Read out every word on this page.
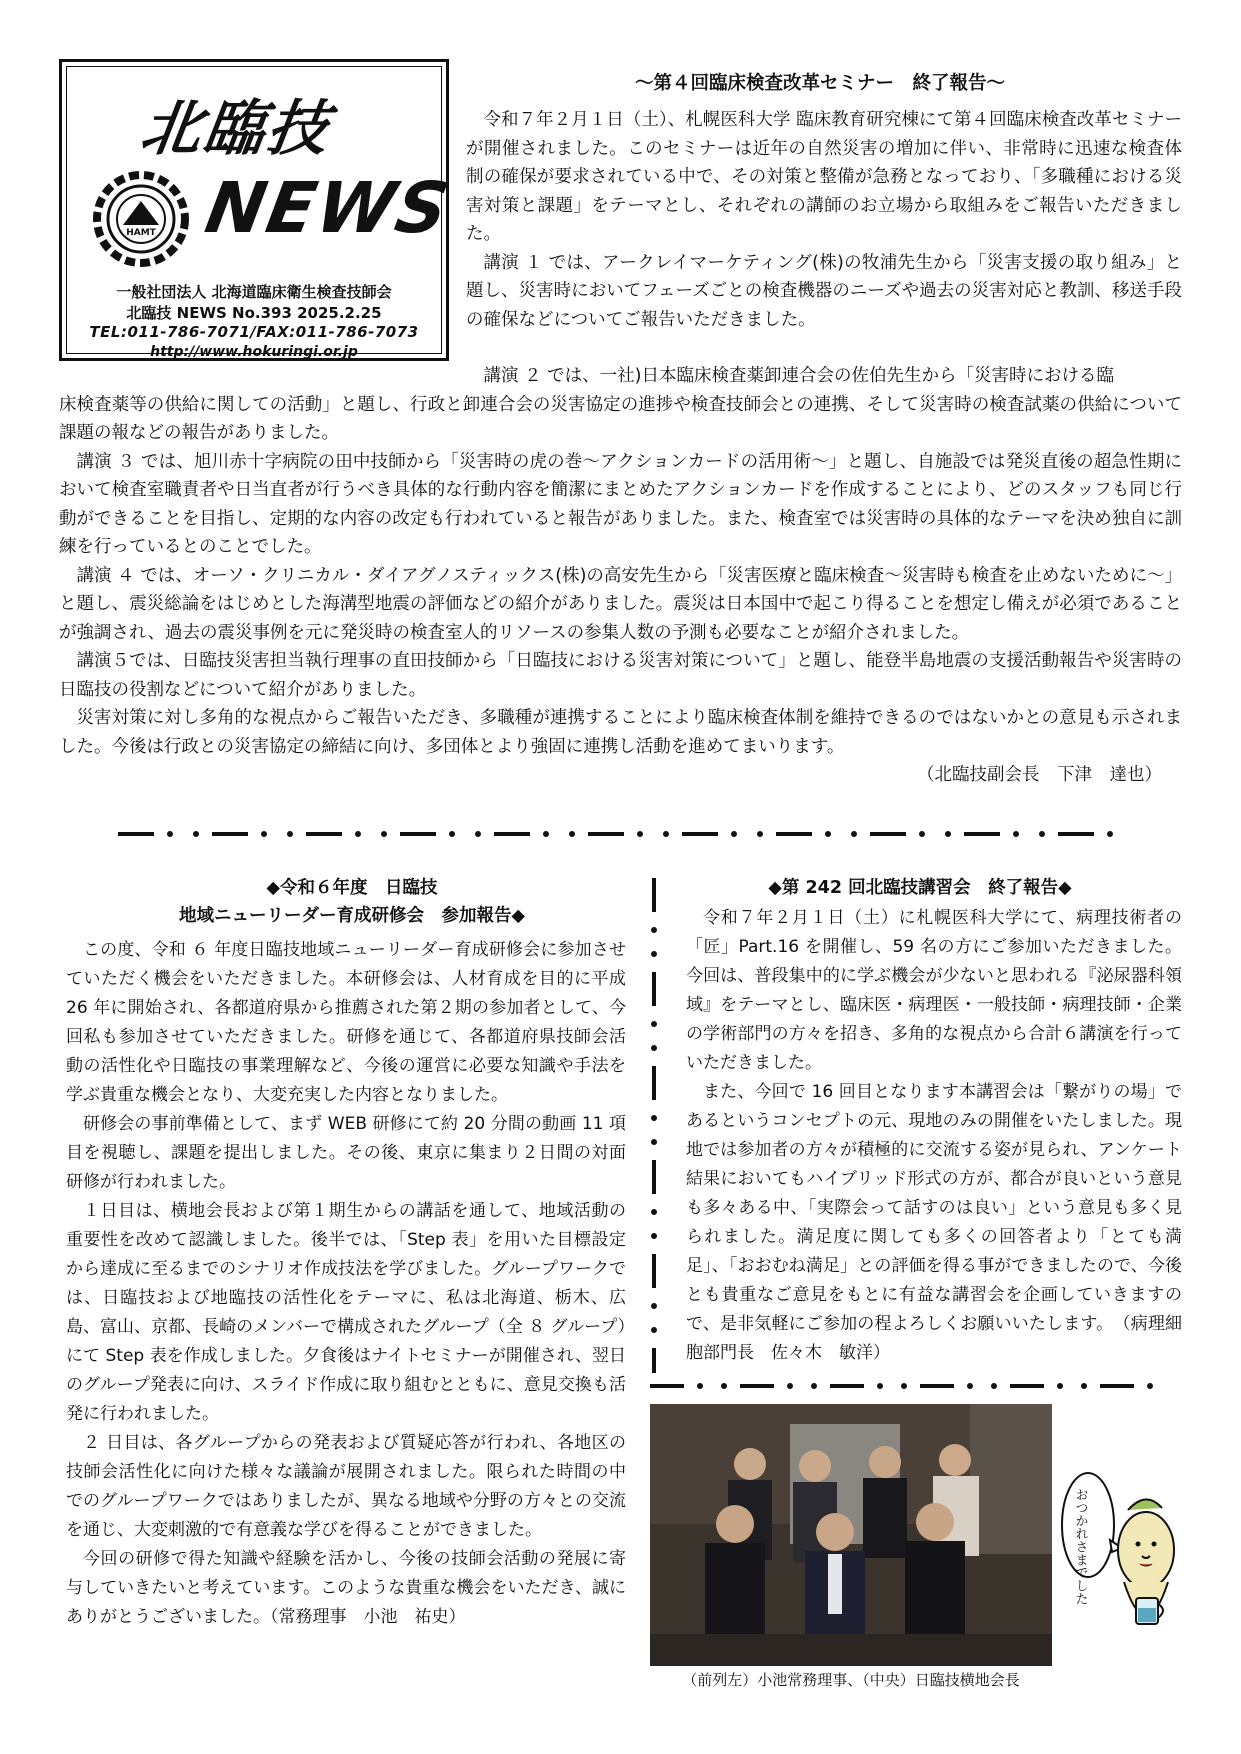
北臨技
HAMT NEWS
一般社団法人 北海道臨床衛生検査技師会
北臨技 NEWS No.393 2025.2.25
TEL:011-786-7071/FAX:011-786-7073
http://www.hokuringi.or.jp
～第４回臨床検査改革セミナー　終了報告～

令和７年２月１日（土）、札幌医科大学 臨床教育研究棟にて第４回臨床検査改革セミナーが開催されました。このセミナーは近年の自然災害の増加に伴い、非常時に迅速な検査体制の確保が要求されている中で、その対策と整備が急務となっており、「多職種における災害対策と課題」をテーマとし、それぞれの講師のお立場から取組みをご報告いただきました。

講演 １ では、アークレイマーケティング(株)の牧浦先生から「災害支援の取り組み」と題し、災害時においてフェーズごとの検査機器のニーズや過去の災害対応と教訓、移送手段の確保などについてご報告いただきました。

講演 ２ では、一社)日本臨床検査薬卸連合会の佐伯先生から「災害時における臨

床検査薬等の供給に関しての活動」と題し、行政と卸連合会の災害協定の進捗や検査技師会との連携、そして災害時の検査試薬の供給について課題の報などの報告がありました。

講演 ３ では、旭川赤十字病院の田中技師から「災害時の虎の巻～アクションカードの活用術～」と題し、自施設では発災直後の超急性期において検査室職責者や日当直者が行うべき具体的な行動内容を簡潔にまとめたアクションカードを作成することにより、どのスタッフも同じ行動ができることを目指し、定期的な内容の改定も行われていると報告がありました。また、検査室では災害時の具体的なテーマを決め独自に訓練を行っているとのことでした。

講演 ４ では、オーソ・クリニカル・ダイアグノスティックス(株)の高安先生から「災害医療と臨床検査～災害時も検査を止めないために～」と題し、震災総論をはじめとした海溝型地震の評価などの紹介がありました。震災は日本国中で起こり得ることを想定し備えが必須であることが強調され、過去の震災事例を元に発災時の検査室人的リソースの参集人数の予測も必要なことが紹介されました。

講演５では、日臨技災害担当執行理事の直田技師から「日臨技における災害対策について」と題し、能登半島地震の支援活動報告や災害時の日臨技の役割などについて紹介がありました。

災害対策に対し多角的な視点からご報告いただき、多職種が連携することにより臨床検査体制を維持できるのではないかとの意見も示されました。今後は行政との災害協定の締結に向け、多団体とより強固に連携し活動を進めてまいります。

（北臨技副会長　下津　達也）

◆令和６年度　日臨技
地域ニューリーダー育成研修会　参加報告◆

この度、令和 ６ 年度日臨技地域ニューリーダー育成研修会に参加させていただく機会をいただきました。本研修会は、人材育成を目的に平成 26 年に開始され、各都道府県から推薦された第２期の参加者として、今回私も参加させていただきました。研修を通じて、各都道府県技師会活動の活性化や日臨技の事業理解など、今後の運営に必要な知識や手法を学ぶ貴重な機会となり、大変充実した内容となりました。

研修会の事前準備として、まず WEB 研修にて約 20 分間の動画 11 項目を視聴し、課題を提出しました。その後、東京に集まり２日間の対面研修が行われました。

１日目は、横地会長および第１期生からの講話を通して、地域活動の重要性を改めて認識しました。後半では、「Step 表」を用いた目標設定から達成に至るまでのシナリオ作成技法を学びました。グループワークでは、日臨技および地臨技の活性化をテーマに、私は北海道、栃木、広島、富山、京都、長崎のメンバーで構成されたグループ（全 ８ グループ）にて Step 表を作成しました。夕食後はナイトセミナーが開催され、翌日のグループ発表に向け、スライド作成に取り組むとともに、意見交換も活発に行われました。

２ 日目は、各グループからの発表および質疑応答が行われ、各地区の技師会活性化に向けた様々な議論が展開されました。限られた時間の中でのグループワークではありましたが、異なる地域や分野の方々との交流を通じ、大変刺激的で有意義な学びを得ることができました。

今回の研修で得た知識や経験を活かし、今後の技師会活動の発展に寄与していきたいと考えています。このような貴重な機会をいただき、誠にありがとうございました。（常務理事　小池　祐史）

◆第 242 回北臨技講習会　終了報告◆

令和７年２月１日（土）に札幌医科大学にて、病理技術者の「匠」Part.16 を開催し、59 名の方にご参加いただきました。今回は、普段集中的に学ぶ機会が少ないと思われる『泌尿器科領域』をテーマとし、臨床医・病理医・一般技師・病理技師・企業の学術部門の方々を招き、多角的な視点から合計６講演を行っていただきました。

また、今回で 16 回目となります本講習会は「繋がりの場」であるというコンセプトの元、現地のみの開催をいたしました。現地では参加者の方々が積極的に交流する姿が見られ、アンケート結果においてもハイブリッド形式の方が、都合が良いという意見も多々ある中、「実際会って話すのは良い」という意見も多く見られました。満足度に関しても多くの回答者より「とても満足」、「おおむね満足」との評価を得る事ができましたので、今後とも貴重なご意見をもとに有益な講習会を企画していきますので、是非気軽にご参加の程よろしくお願いいたします。　（病理細胞部門長　佐々木　敏洋）

（前列左）小池常務理事、（中央）日臨技横地会長
おつかれさまでした
